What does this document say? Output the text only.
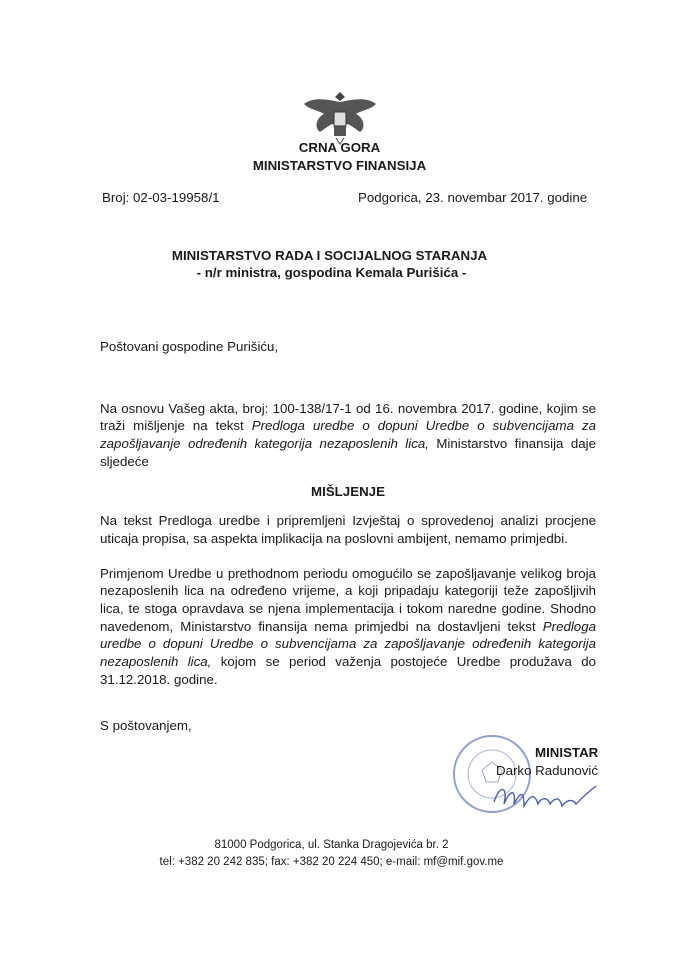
CRNA GORA
MINISTARSTVO FINANSIJA
Broj: 02-03-19958/1	Podgorica, 23. novembar 2017. godine
MINISTARSTVO RADA I SOCIJALNOG STARANJA
- n/r ministra, gospodina Kemala Purišića -
Poštovani gospodine Purišiću,

Na osnovu Vašeg akta, broj: 100-138/17-1 od 16. novembra 2017. godine, kojim se traži mišljenje na tekst Predloga uredbe o dopuni Uredbe o subvencijama za zapošljavanje određenih kategorija nezaposlenih lica, Ministarstvo finansija daje sljedeće

MIŠLJENJE

Na tekst Predloga uredbe i pripremljeni Izvještaj o sprovedenoj analizi procjene uticaja propisa, sa aspekta implikacija na poslovni ambijent, nemamo primjedbi.

Primjenom Uredbe u prethodnom periodu omogućilo se zapošljavanje velikog broja nezaposlenih lica na određeno vrijeme, a koji pripadaju kategoriji teže zapošljivih lica, te stoga opravdava se njena implementacija i tokom naredne godine. Shodno navedenom, Ministarstvo finansija nema primjedbi na dostavljeni tekst Predloga uredbe o dopuni Uredbe o subvencijama za zapošljavanje određenih kategorija nezaposlenih lica, kojom se period važenja postojeće Uredbe produžava do 31.12.2018. godine.

S poštovanjem,
MINISTAR
Darko Radunović
81000 Podgorica, ul. Stanka Dragojevića br. 2
tel: +382 20 242 835; fax: +382 20 224 450; e-mail: mf@mif.gov.me
